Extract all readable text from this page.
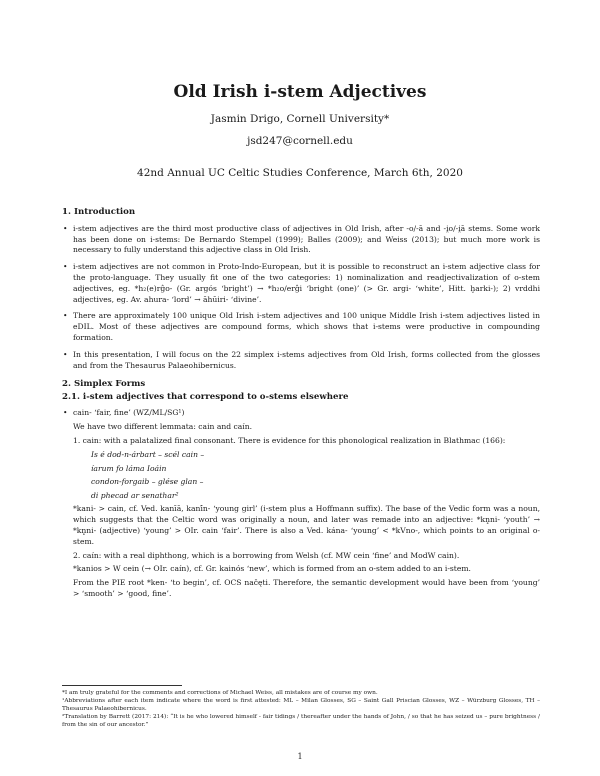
Old Irish i-stem Adjectives
Jasmin Drigo, Cornell University*
jsd247@cornell.edu
42nd Annual UC Celtic Studies Conference, March 6th, 2020
1. Introduction
• i-stem adjectives are the third most productive class of adjectives in Old Irish, after -o/-ā and -i̯o/-i̯ā stems. Some work has been done on i-stems: De Bernardo Stempel (1999); Balles (2009); and Weiss (2013); but much more work is necessary to fully understand this adjective class in Old Irish.
• i-stem adjectives are not common in Proto-Indo-European, but it is possible to reconstruct an i-stem adjective class for the proto-language. They usually fit one of the two categories: 1) nominalization and readjectivalization of o-stem adjectives, eg. *h₂(e)rĝo- (Gr. argós ‘bright’) → *h₂o/erĝi ‘bright (one)’ (> Gr. argi- ‘white’, Hitt. ḫarki-); 2) vrddhi adjectives, eg. Av. ahura- ‘lord’ → āhūiri- ‘divine’.
• There are approximately 100 unique Old Irish i-stem adjectives and 100 unique Middle Irish i-stem adjectives listed in eDIL. Most of these adjectives are compound forms, which shows that i-stems were productive in compounding formation.
• In this presentation, I will focus on the 22 simplex i-stems adjectives from Old Irish, forms collected from the glosses and from the Thesaurus Palaeohibernicus.
2. Simplex Forms
2.1. i-stem adjectives that correspond to o-stems elsewhere
• cain- ‘fair, fine’ (WZ/ML/SG¹)
We have two different lemmata: cain and caín.
1. cain: with a palatalized final consonant. There is evidence for this phonological realization in Blathmac (166):
Is é dod-n-árbart – scél cain –
íarum fo láma Ioáin
condon-forgaib – glése glan –
di phecad ar senathar²
*kani- > cain, cf. Ved. kanīā, kanī́n- ‘young girl’ (i-stem plus a Hoffmann suffix). The base of the Vedic form was a noun, which suggests that the Celtic word was originally a noun, and later was remade into an adjective: *kn̥ni- ‘youth’ → *kn̥ni- (adjective) ‘young’ > OIr. cain ‘fair’. There is also a Ved. kána- ‘young’ < *kVno-, which points to an original o-stem.
2. caín: with a real diphthong, which is a borrowing from Welsh (cf. MW cein ‘fine’ and ModW cain).
*kanios > W cein (→ OIr. caín), cf. Gr. kainós ‘new’, which is formed from an o-stem added to an i-stem.
From the PIE root *ken- ‘to begin’, cf. OCS načęti. Therefore, the semantic development would have been from ‘young’ > ‘smooth’ > ‘good, fine’.

*I am truly grateful for the comments and corrections of Michael Weiss, all mistakes are of course my own.

¹Abbreviations after each item indicate where the word is first attested: ML – Milan Glosses, SG – Saint Gall Priscian Glosses, WZ – Würzburg Glosses, TH – Thesaurus Palaeohibernicus.

²Translation by Barrett (2017: 214): “It is he who lowered himself - fair tidings / thereafter under the hands of John, / so that he has seized us – pure brightness / from the sin of our ancestor.”

1
